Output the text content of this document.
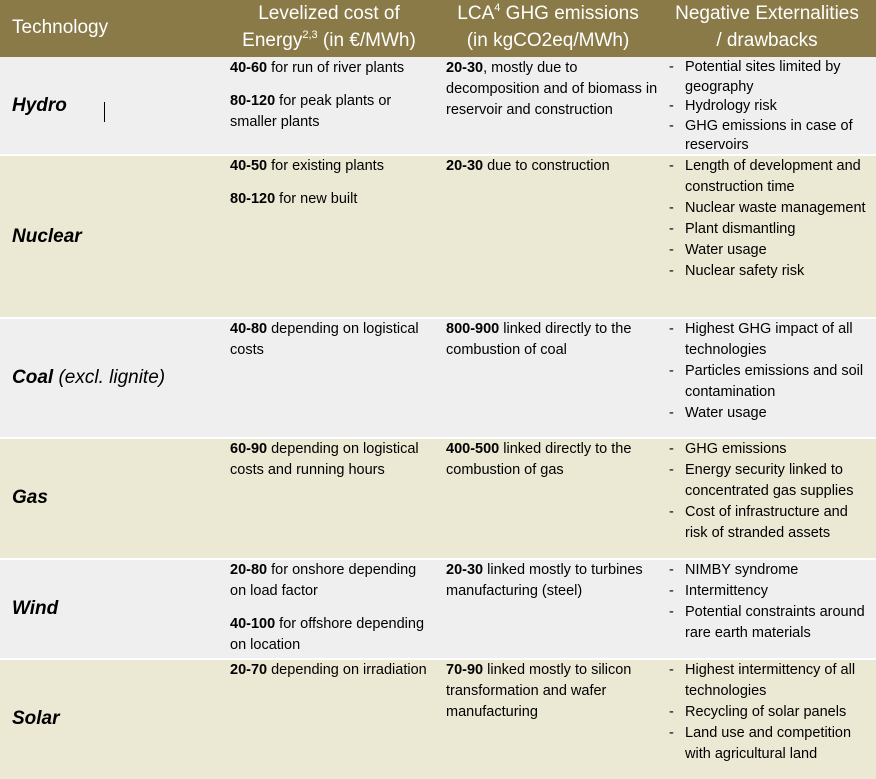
Technology
Levelized cost of
Energy$^{2,3}$ (in €/MWh)
LCA$^4$ GHG emissions
(in kgCO2eq/MWh)
Negative Externalities
/ drawbacks
Hydro

40-60 for run of river plants

80-120 for peak plants or smaller plants

20-30, mostly due to decomposition and of biomass in reservoir and construction

- Potential sites limited by geography
- Hydrology risk
- GHG emissions in case of reservoirs
Nuclear

40-50 for existing plants

80-120 for new built

20-30 due to construction

-	Length of development and construction time
- Nuclear waste management
- Plant dismantling
- Water usage
- Nuclear safety risk
Coal (excl. lignite)

40-80 depending on logistical costs

800-900 linked directly to the combustion of coal

- Highest GHG impact of all technologies
- Particles emissions and soil contamination
- Water usage
Gas

60-90 depending on logistical costs and running hours

400-500 linked directly to the combustion of gas

- GHG emissions
- Energy security linked to concentrated gas supplies
- Cost of infrastructure and risk of stranded assets
Wind

20-80 for onshore depending on load factor

40-100 for offshore depending on location

20-30 linked mostly to turbines manufacturing (steel)

- NIMBY syndrome
- Intermittency
- Potential constraints around rare earth materials
Solar

20-70 depending on irradiation	70-90 linked mostly to silicon transformation and wafer manufacturing

- Highest intermittency of all technologies
- Recycling of solar panels
- Land use and competition with agricultural land
